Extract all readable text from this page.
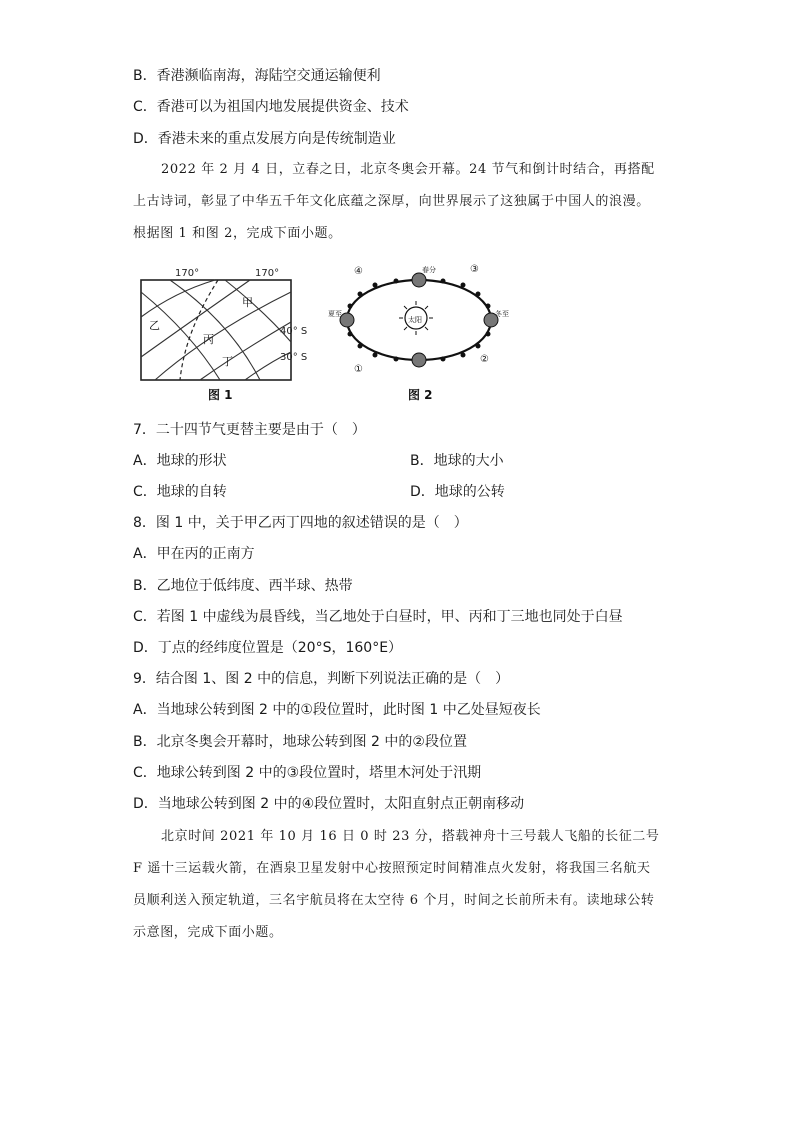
B．香港濒临南海，海陆空交通运输便利
C．香港可以为祖国内地发展提供资金、技术
D．香港未来的重点发展方向是传统制造业
2022 年 2 月 4 日，立春之日，北京冬奥会开幕。24 节气和倒计时结合，再搭配上古诗词，彰显了中华五千年文化底蕴之深厚，向世界展示了这独属于中国人的浪漫。根据图 1 和图 2，完成下面小题。
170°	170°
40° S
30° S
甲
乙
丙
丁
图 1
太阳
春分
夏至	冬至
①
②
③
④
图 2
7．二十四节气更替主要是由于（　）
A．地球的形状	B．地球的大小
C．地球的自转	D．地球的公转
8．图 1 中，关于甲乙丙丁四地的叙述错误的是（　）
A．甲在丙的正南方
B．乙地位于低纬度、西半球、热带
C．若图 1 中虚线为晨昏线，当乙地处于白昼时，甲、丙和丁三地也同处于白昼
D．丁点的经纬度位置是（20°S，160°E）
9．结合图 1、图 2 中的信息，判断下列说法正确的是（　）
A．当地球公转到图 2 中的①段位置时，此时图 1 中乙处昼短夜长
B．北京冬奥会开幕时，地球公转到图 2 中的②段位置
C．地球公转到图 2 中的③段位置时，塔里木河处于汛期
D．当地球公转到图 2 中的④段位置时，太阳直射点正朝南移动
北京时间 2021 年 10 月 16 日 0 时 23 分，搭载神舟十三号载人飞船的长征二号 F 遥十三运载火箭，在酒泉卫星发射中心按照预定时间精准点火发射，将我国三名航天员顺利送入预定轨道，三名宇航员将在太空待 6 个月，时间之长前所未有。读地球公转示意图，完成下面小题。
